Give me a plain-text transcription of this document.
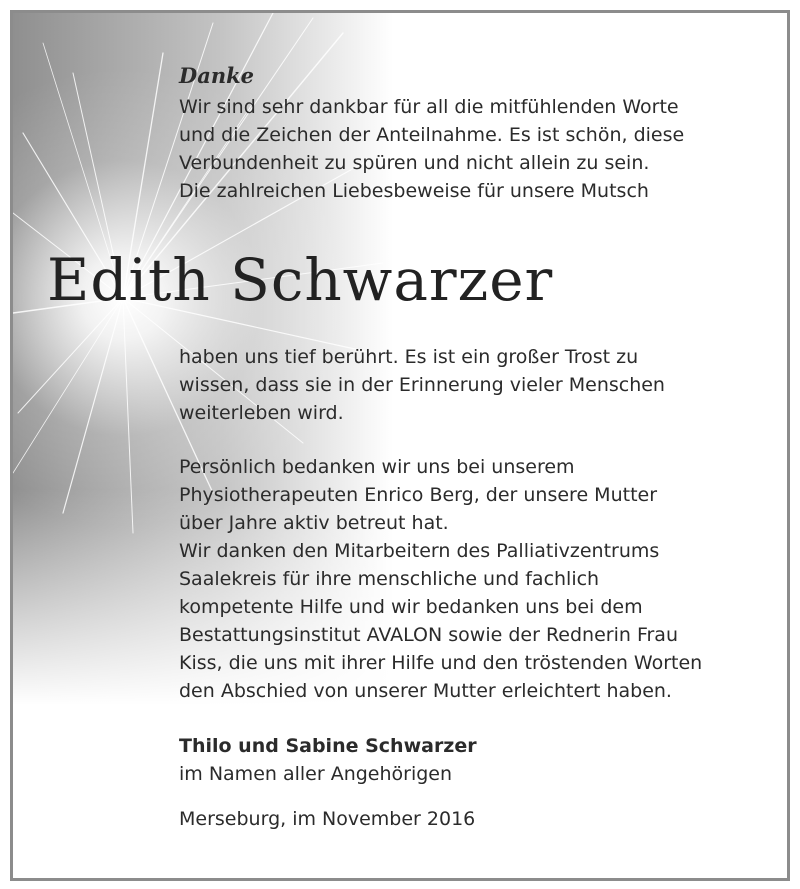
Danke
Wir sind sehr dankbar für all die mitfühlenden Worte
und die Zeichen der Anteilnahme. Es ist schön, diese
Verbundenheit zu spüren und nicht allein zu sein.
Die zahlreichen Liebesbeweise für unsere Mutsch
Edith Schwarzer
haben uns tief berührt. Es ist ein großer Trost zu
wissen, dass sie in der Erinnerung vieler Menschen
weiterleben wird.
Persönlich bedanken wir uns bei unserem
Physiotherapeuten Enrico Berg, der unsere Mutter
über Jahre aktiv betreut hat.
Wir danken den Mitarbeitern des Palliativzentrums
Saalekreis für ihre menschliche und fachlich
kompetente Hilfe und wir bedanken uns bei dem
Bestattungsinstitut AVALON sowie der Rednerin Frau
Kiss, die uns mit ihrer Hilfe und den tröstenden Worten
den Abschied von unserer Mutter erleichtert haben.
Thilo und Sabine Schwarzer
im Namen aller Angehörigen
Merseburg, im November 2016
